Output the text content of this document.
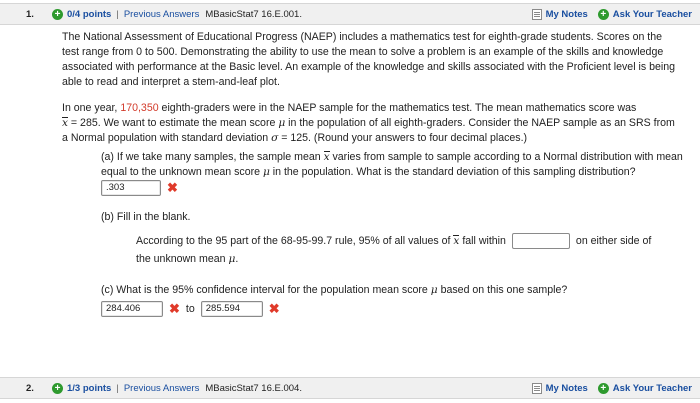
1.	+ 0/4 points | Previous Answers MBasicStat7 16.E.001.	My Notes + Ask Your Teacher
The National Assessment of Educational Progress (NAEP) includes a mathematics test for eighth-grade students. Scores on the test range from 0 to 500. Demonstrating the ability to use the mean to solve a problem is an example of the skills and knowledge associated with performance at the Basic level. An example of the knowledge and skills associated with the Proficient level is being able to read and interpret a stem-and-leaf plot.
In one year, 170,350 eighth-graders were in the NAEP sample for the mathematics test. The mean mathematics score was
x = 285. We want to estimate the mean score μ in the population of all eighth-graders. Consider the NAEP sample as an SRS from a Normal population with standard deviation σ = 125. (Round your answers to four decimal places.)
(a) If we take many samples, the sample mean x varies from sample to sample according to a Normal distribution with mean equal to the unknown mean score μ in the population. What is the standard deviation of this sampling distribution?
.303	✖
(b) Fill in the blank.
According to the 95 part of the 68-95-99.7 rule, 95% of all values of x fall within	on either side of
the unknown mean μ.
(c) What is the 95% confidence interval for the population mean score μ based on this one sample?
284.406 ✖ to 285.594 ✖
2.	+ 1/3 points | Previous Answers MBasicStat7 16.E.004.	My Notes + Ask Your Teacher
